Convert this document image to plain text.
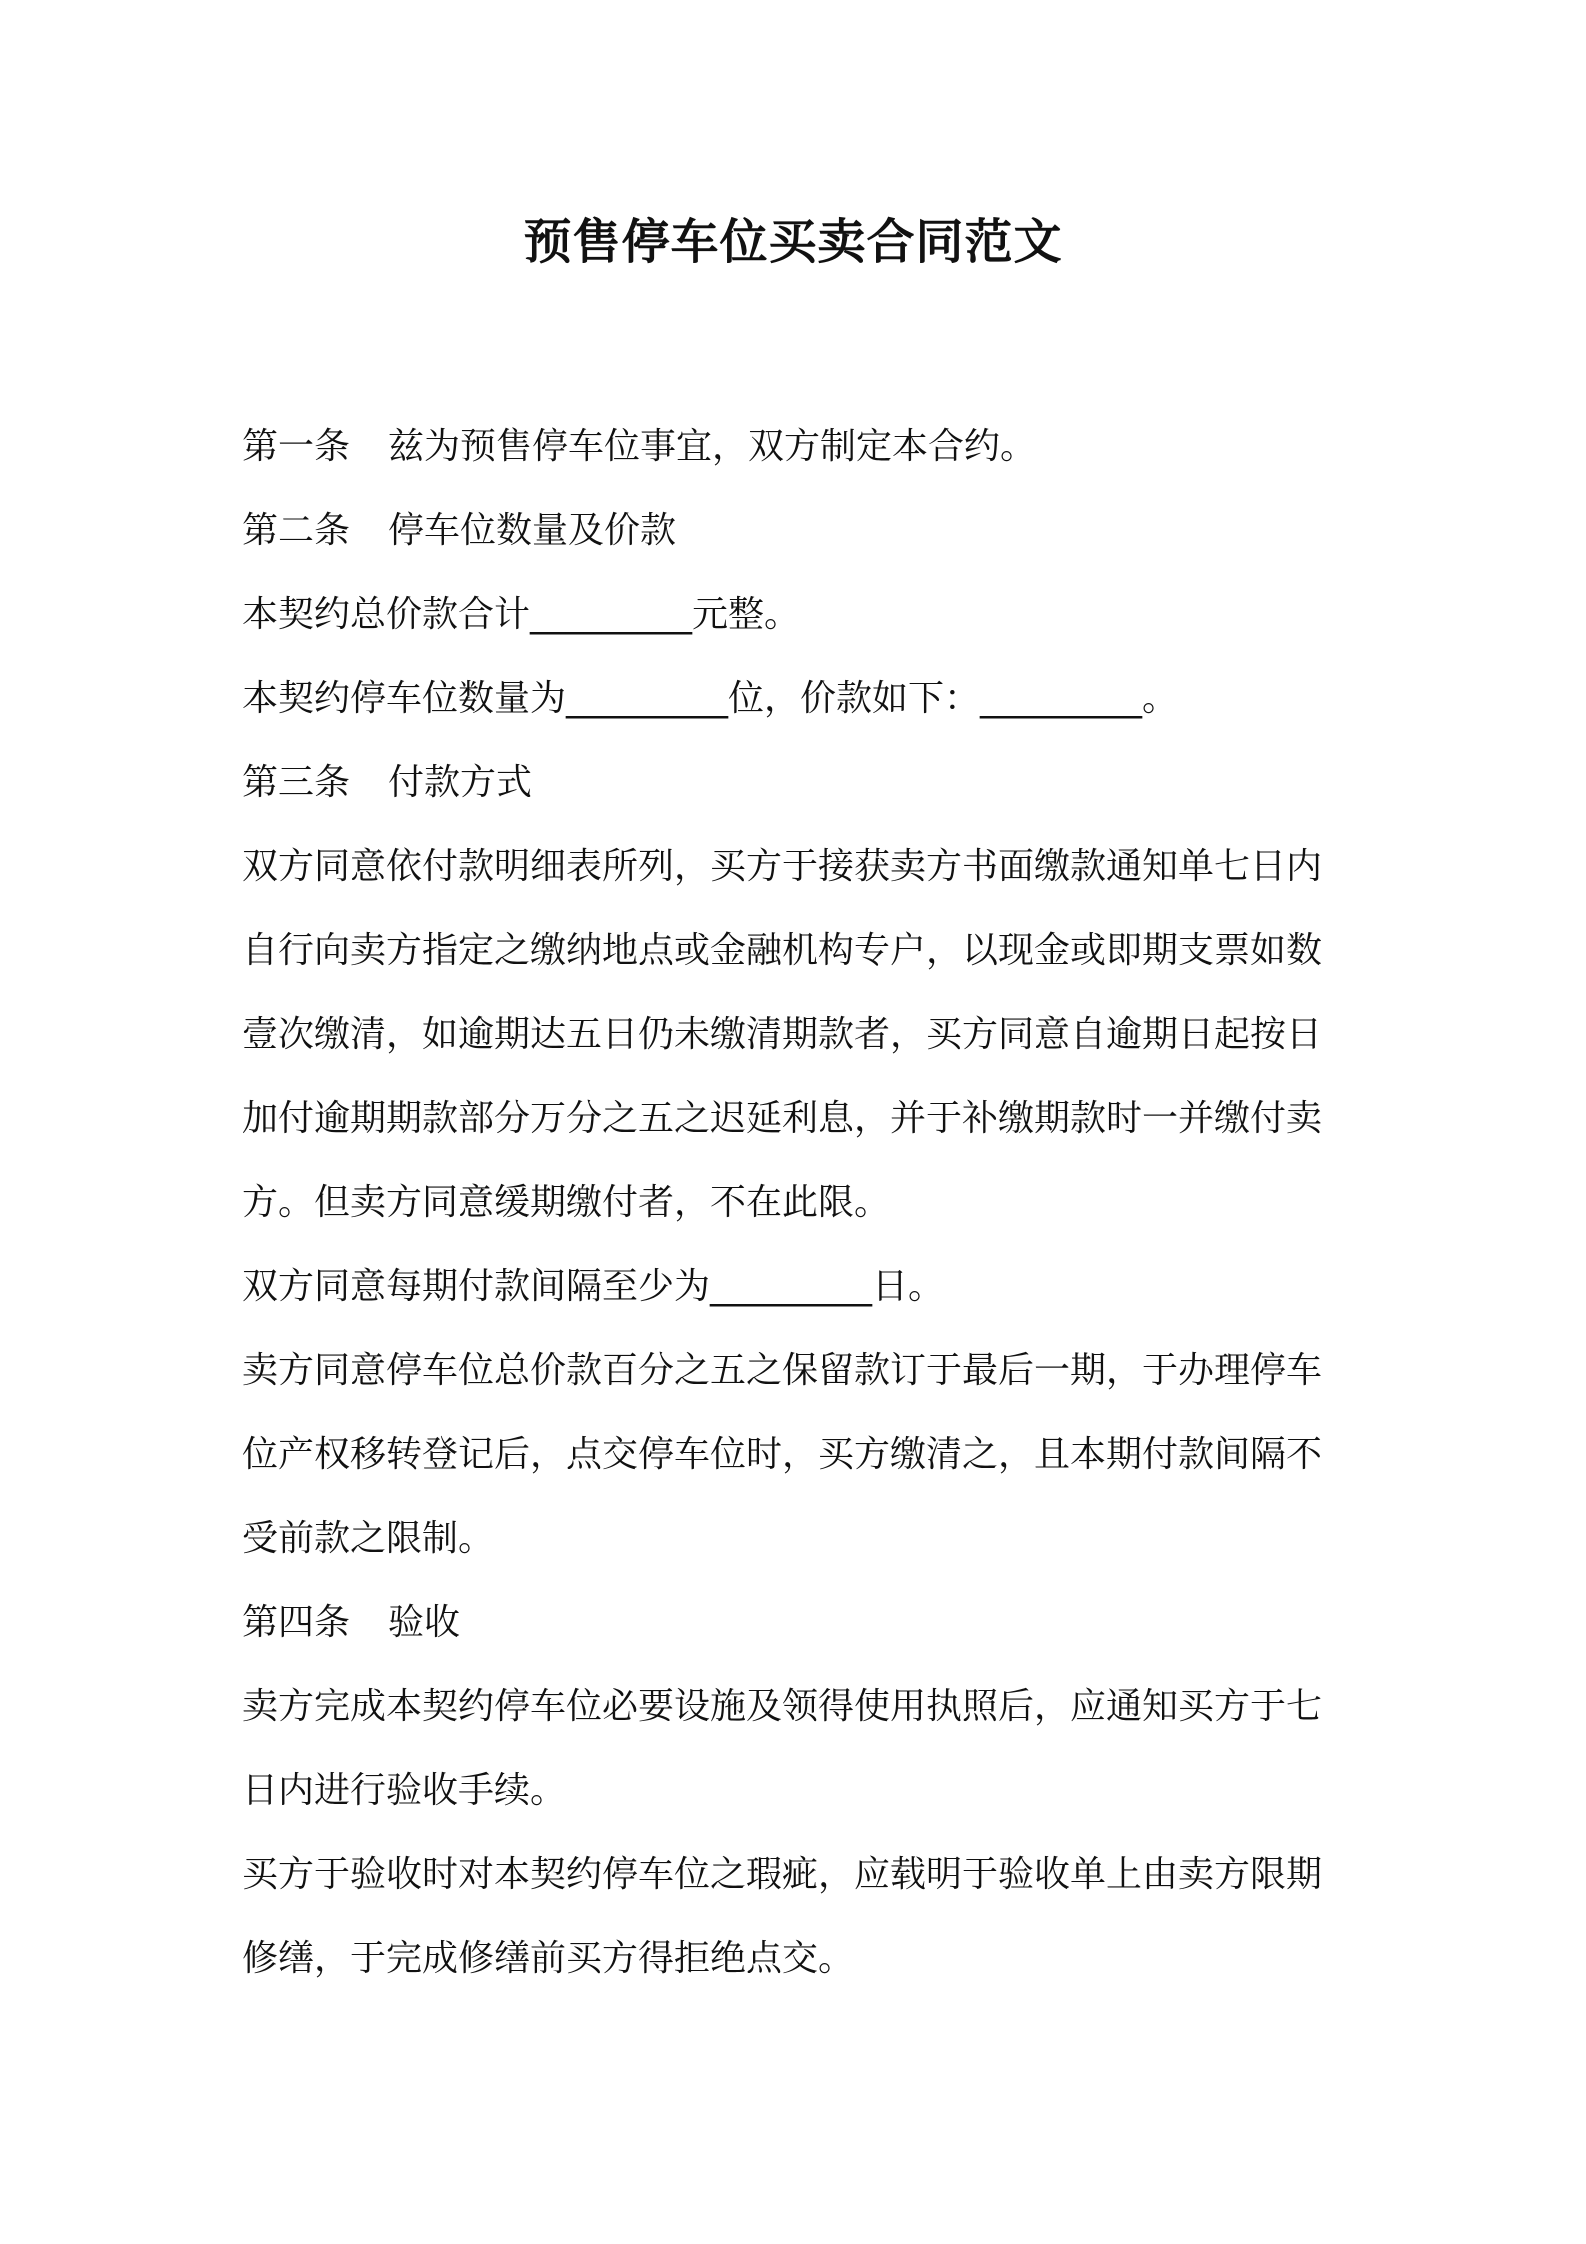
预售停车位买卖合同范文
第一条 兹为预售停车位事宜，双方制定本合约。
第二条 停车位数量及价款
本契约总价款合计_________元整。
本契约停车位数量为_________位，价款如下：_________。
第三条 付款方式
双方同意依付款明细表所列，买方于接获卖方书面缴款通知单七日内
自行向卖方指定之缴纳地点或金融机构专户，以现金或即期支票如数
壹次缴清，如逾期达五日仍未缴清期款者，买方同意自逾期日起按日
加付逾期期款部分万分之五之迟延利息，并于补缴期款时一并缴付卖
方。但卖方同意缓期缴付者，不在此限。
双方同意每期付款间隔至少为_________日。
卖方同意停车位总价款百分之五之保留款订于最后一期，于办理停车
位产权移转登记后，点交停车位时，买方缴清之，且本期付款间隔不
受前款之限制。
第四条 验收
卖方完成本契约停车位必要设施及领得使用执照后，应通知买方于七
日内进行验收手续。
买方于验收时对本契约停车位之瑕疵，应载明于验收单上由卖方限期
修缮，于完成修缮前买方得拒绝点交。
